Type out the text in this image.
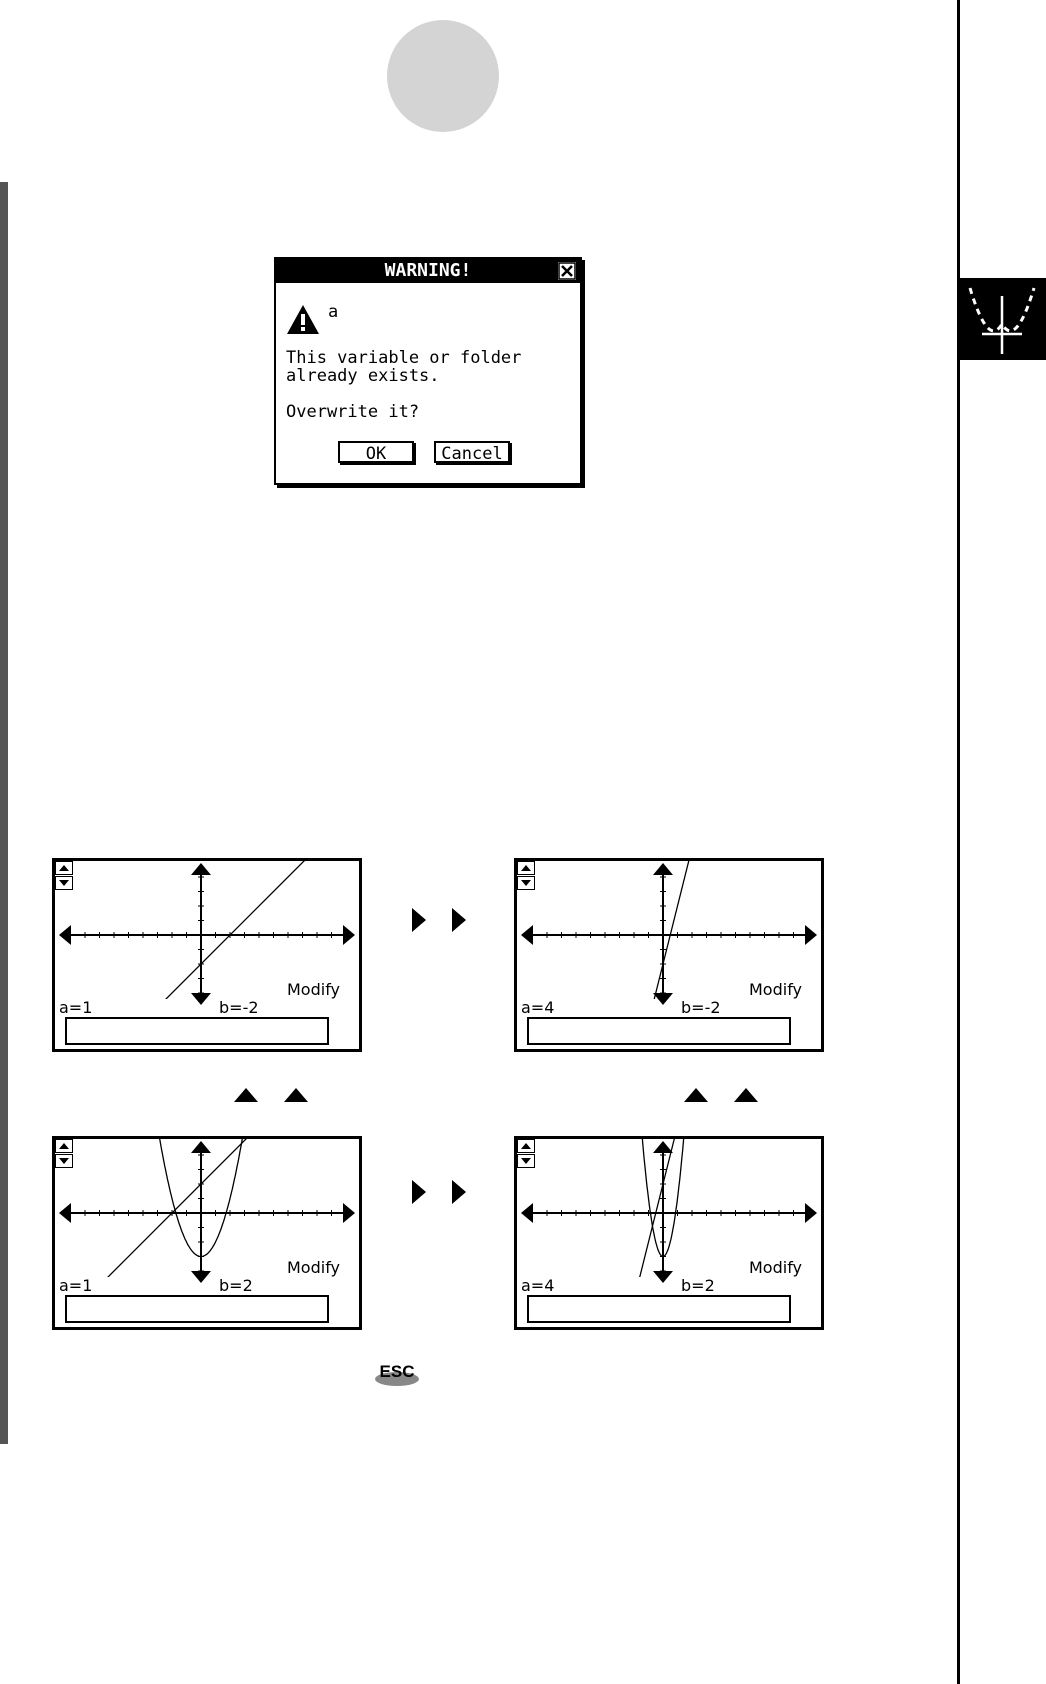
WARNING!
a
This variable or folder
already exists.
Overwrite it?
OK	Cancel
Modify
a=1	b=-2
Modify
a=4	b=-2
Modify
a=1	b=2
Modify
a=4	b=2
ESC
